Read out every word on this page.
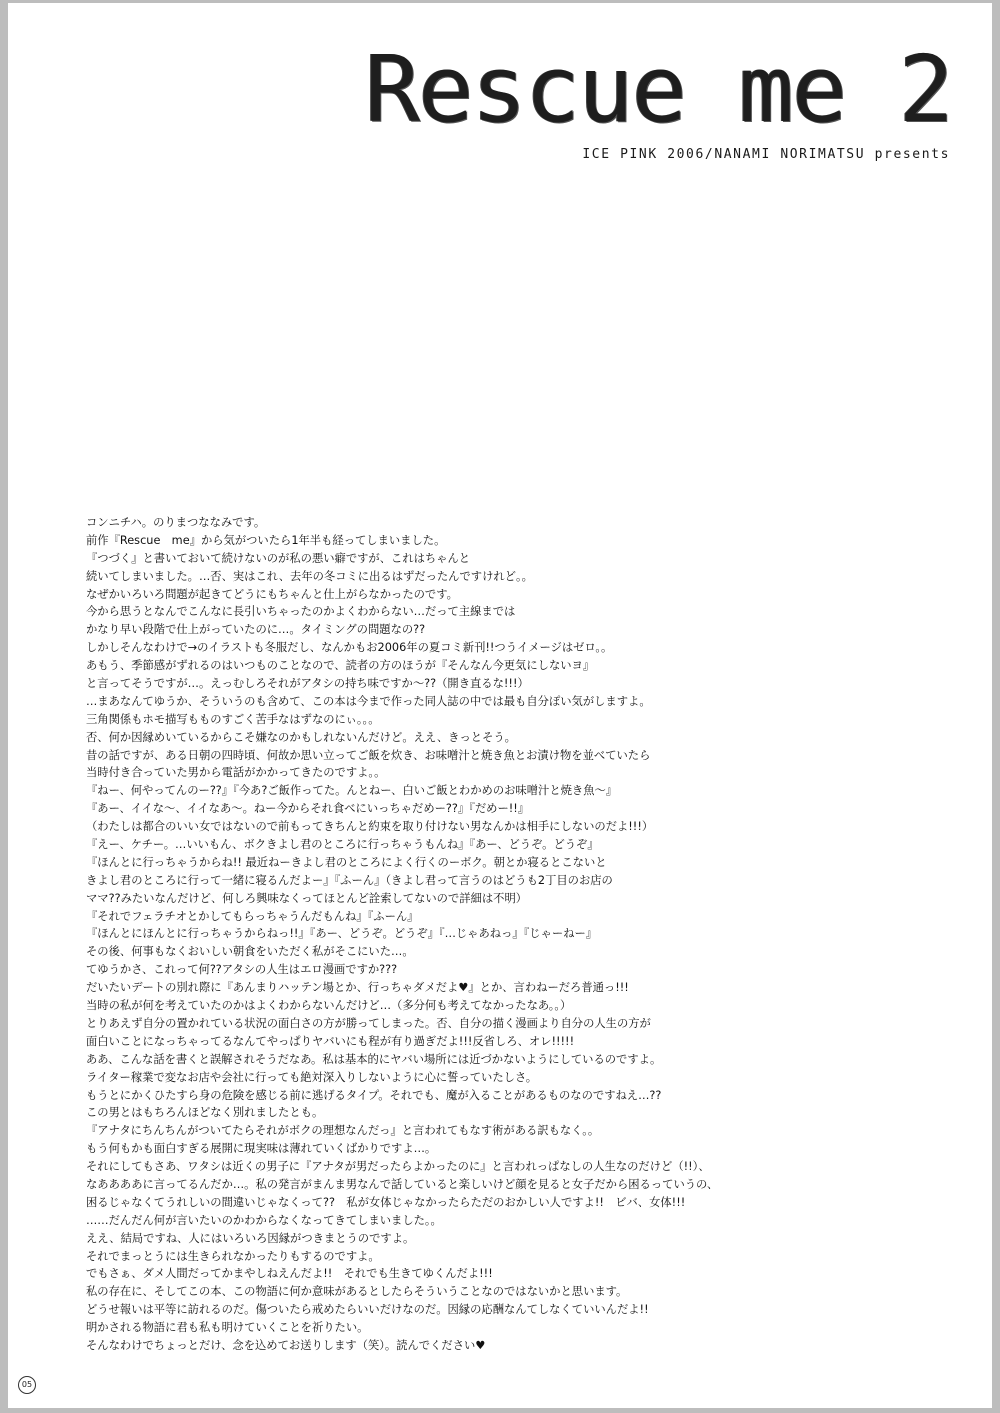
Rescue me 2
ICE PINK 2006/NANAMI NORIMATSU presents
コンニチハ。のりまつななみです。
前作『Rescue　me』から気がついたら1年半も経ってしまいました。
『つづく』と書いておいて続けないのが私の悪い癖ですが、これはちゃんと
続いてしまいました。…否、実はこれ、去年の冬コミに出るはずだったんですけれど。。
なぜかいろいろ問題が起きてどうにもちゃんと仕上がらなかったのです。
今から思うとなんでこんなに長引いちゃったのかよくわからない…だって主線までは
かなり早い段階で仕上がっていたのに…。タイミングの問題なの??
しかしそんなわけで→のイラストも冬服だし、なんかもお2006年の夏コミ新刊!!つうイメージはゼロ。。
あもう、季節感がずれるのはいつものことなので、読者の方のほうが『そんなん今更気にしないヨ』
と言ってそうですが…。えっむしろそれがアタシの持ち味ですか～??（開き直るな!!!）
…まあなんてゆうか、そういうのも含めて、この本は今まで作った同人誌の中では最も自分ぽい気がしますよ。
三角関係もホモ描写もものすごく苦手なはずなのにぃ。。。
否、何か因縁めいているからこそ嫌なのかもしれないんだけど。ええ、きっとそう。
昔の話ですが、ある日朝の四時頃、何故か思い立ってご飯を炊き、お味噌汁と焼き魚とお漬け物を並べていたら
当時付き合っていた男から電話がかかってきたのですよ。。
『ねー、何やってんのー??』『今あ?ご飯作ってた。んとねー、白いご飯とわかめのお味噌汁と焼き魚～』
『あー、イイな～、イイなあ～。ねー今からそれ食べにいっちゃだめー??』『だめー!!』
（わたしは都合のいい女ではないので前もってきちんと約束を取り付けない男なんかは相手にしないのだよ!!!）
『えー、ケチー。…いいもん、ボクきよし君のところに行っちゃうもんね』『あー、どうぞ。どうぞ』
『ほんとに行っちゃうからね!! 最近ねーきよし君のところによく行くのーボク。朝とか寝るとこないと
きよし君のところに行って一緒に寝るんだよー』『ふーん』（きよし君って言うのはどうも2丁目のお店の
ママ??みたいなんだけど、何しろ興味なくってほとんど詮索してないので詳細は不明）
『それでフェラチオとかしてもらっちゃうんだもんね』『ふーん』
『ほんとにほんとに行っちゃうからねっ!!』『あー、どうぞ。どうぞ』『…じゃあねっ』『じゃーねー』
その後、何事もなくおいしい朝食をいただく私がそこにいた…。
てゆうかさ、これって何??アタシの人生はエロ漫画ですか???
だいたいデートの別れ際に『あんまりハッテン場とか、行っちゃダメだよ♥』とか、言わねーだろ普通っ!!!
当時の私が何を考えていたのかはよくわからないんだけど…（多分何も考えてなかったなあ。。）
とりあえず自分の置かれている状況の面白さの方が勝ってしまった。否、自分の描く漫画より自分の人生の方が
面白いことになっちゃってるなんてやっぱりヤバいにも程が有り過ぎだよ!!!反省しろ、オレ!!!!!
ああ、こんな話を書くと誤解されそうだなあ。私は基本的にヤバい場所には近づかないようにしているのですよ。
ライター稼業で変なお店や会社に行っても絶対深入りしないように心に誓っていたしさ。
もうとにかくひたすら身の危険を感じる前に逃げるタイプ。それでも、魔が入ることがあるものなのですねえ…??
この男とはもちろんほどなく別れましたとも。
『アナタにちんちんがついてたらそれがボクの理想なんだっ』と言われてもなす術がある訳もなく。。
もう何もかも面白すぎる展開に現実味は薄れていくばかりですよ…。
それにしてもさあ、ワタシは近くの男子に『アナタが男だったらよかったのに』と言われっぱなしの人生なのだけど（!!）、
なああああに言ってるんだか…。私の発言がまんま男なんで話していると楽しいけど顔を見ると女子だから困るっていうの、
困るじゃなくてうれしいの間違いじゃなくって??　私が女体じゃなかったらただのおかしい人ですよ!!　ビバ、女体!!!
……だんだん何が言いたいのかわからなくなってきてしまいました。。
ええ、結局ですね、人にはいろいろ因縁がつきまとうのですよ。
それでまっとうには生きられなかったりもするのですよ。
でもさぁ、ダメ人間だってかまやしねえんだよ!!　それでも生きてゆくんだよ!!!
私の存在に、そしてこの本、この物語に何か意味があるとしたらそういうことなのではないかと思います。
どうせ報いは平等に訪れるのだ。傷ついたら戒めたらいいだけなのだ。因縁の応酬なんてしなくていいんだよ!!
明かされる物語に君も私も明けていくことを祈りたい。
そんなわけでちょっとだけ、念を込めてお送りします（笑）。読んでください♥
05
